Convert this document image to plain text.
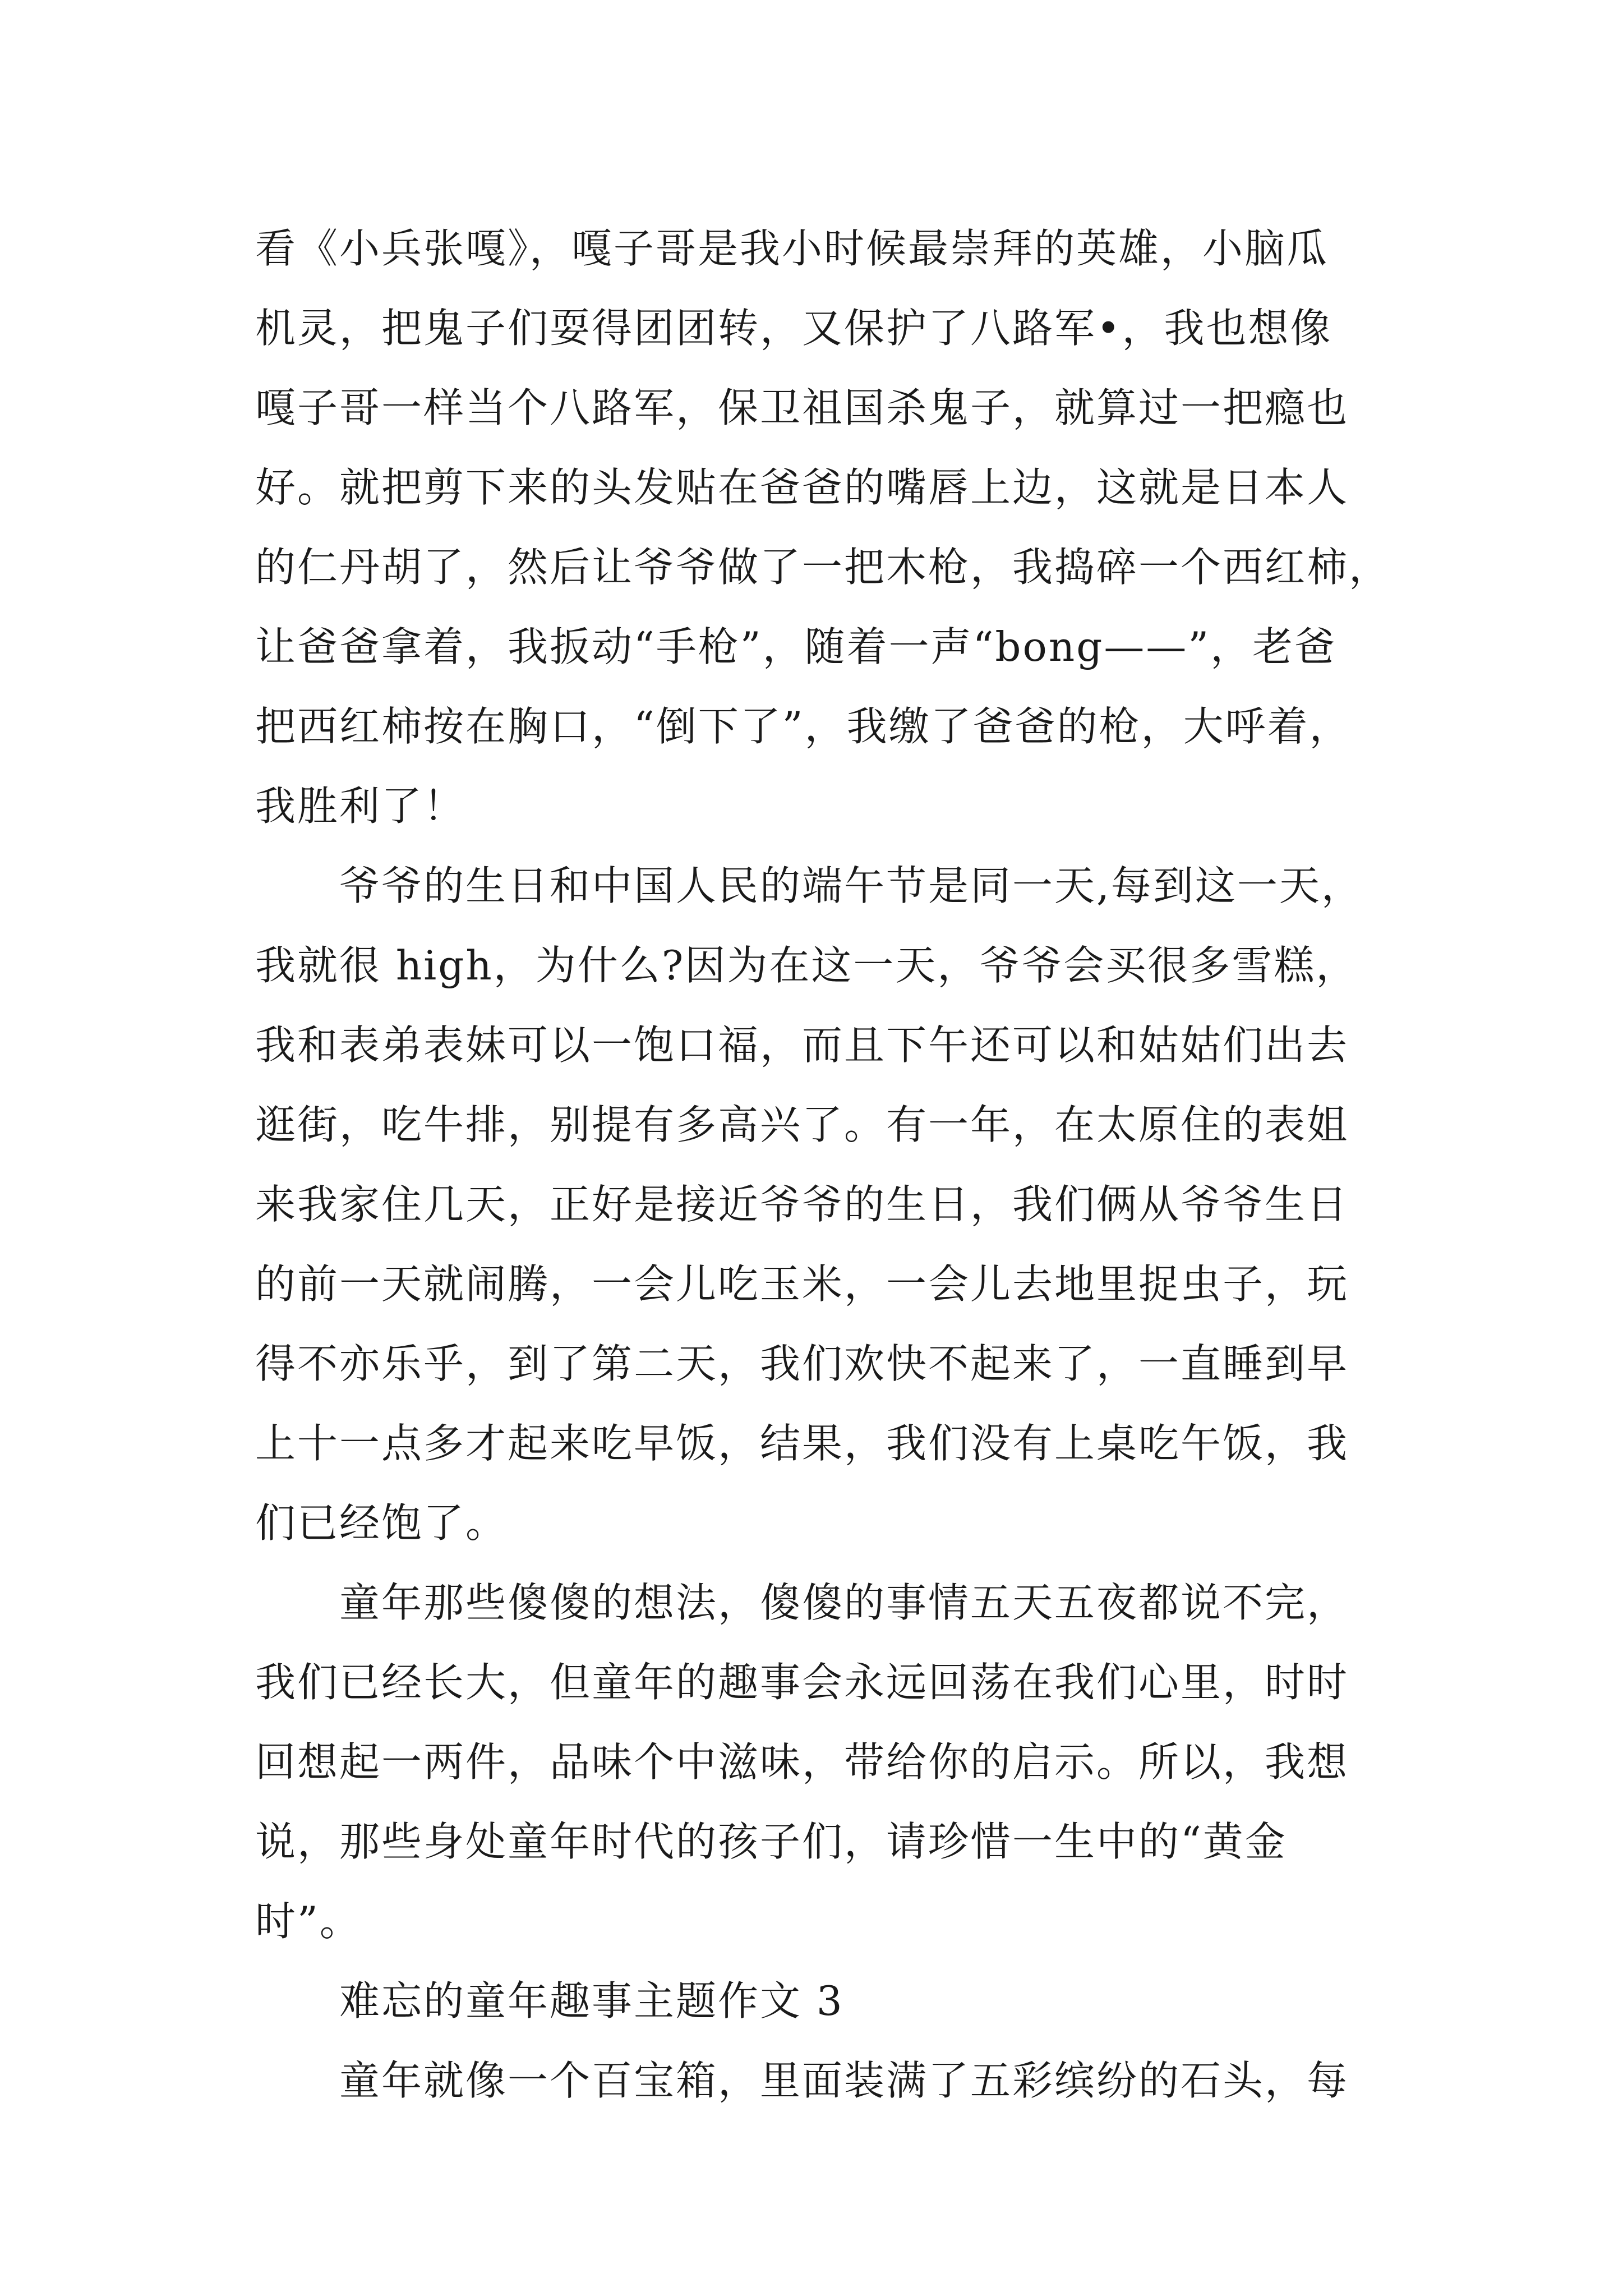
看《小兵张嘎》，嘎子哥是我小时候最崇拜的英雄，小脑瓜
机灵，把鬼子们耍得团团转，又保护了八路军•，我也想像
嘎子哥一样当个八路军，保卫祖国杀鬼子，就算过一把瘾也
好。就把剪下来的头发贴在爸爸的嘴唇上边，这就是日本人
的仁丹胡了，然后让爷爷做了一把木枪，我捣碎一个西红柿，
让爸爸拿着，我扳动“手枪”，随着一声“bong——”，老爸
把西红柿按在胸口，“倒下了”，我缴了爸爸的枪，大呼着，
我胜利了！
爷爷的生日和中国人民的端午节是同一天,每到这一天，
我就很 high，为什么?因为在这一天，爷爷会买很多雪糕，
我和表弟表妹可以一饱口福，而且下午还可以和姑姑们出去
逛街，吃牛排，别提有多高兴了。有一年，在太原住的表姐
来我家住几天，正好是接近爷爷的生日，我们俩从爷爷生日
的前一天就闹腾，一会儿吃玉米，一会儿去地里捉虫子，玩
得不亦乐乎，到了第二天，我们欢快不起来了，一直睡到早
上十一点多才起来吃早饭，结果，我们没有上桌吃午饭，我
们已经饱了。
童年那些傻傻的想法，傻傻的事情五天五夜都说不完，
我们已经长大，但童年的趣事会永远回荡在我们心里，时时
回想起一两件，品味个中滋味，带给你的启示。所以，我想
说，那些身处童年时代的孩子们，请珍惜一生中的“黄金
时”。
难忘的童年趣事主题作文 3
童年就像一个百宝箱，里面装满了五彩缤纷的石头，每
